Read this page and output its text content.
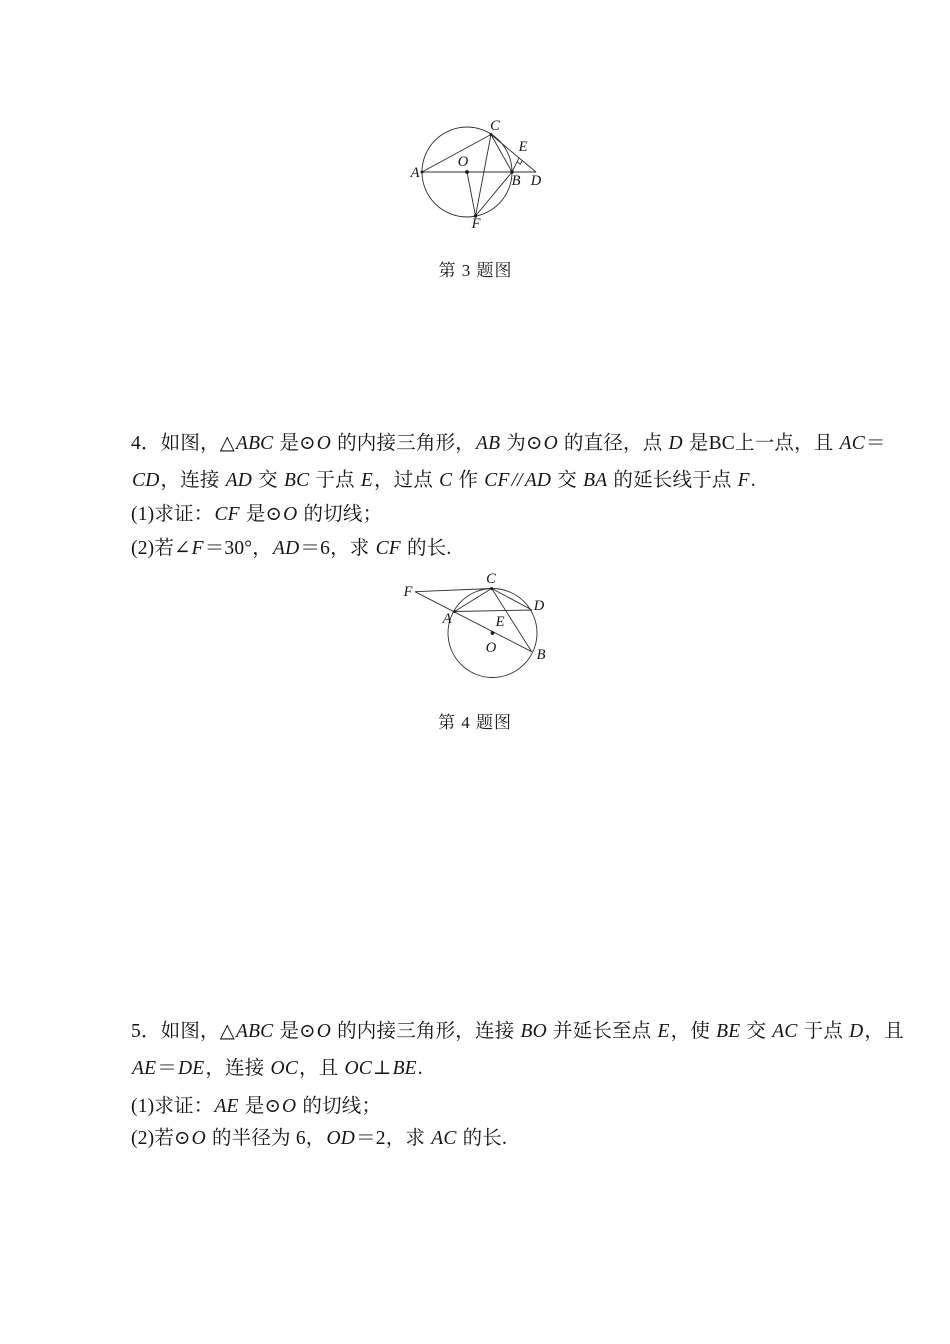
A
O
C
E
B D
F
第 3 题图
4．如图，△ABC 是⊙O 的内接三角形，AB 为⊙O 的直径，点 D 是BC上一点，且 AC＝
CD，连接 AD 交 BC 于点 E，过点 C 作 CF // AD 交 BA 的延长线于点 F.
(1)求证：CF 是⊙O 的切线；
(2)若∠F＝30°，AD＝6，求 CF 的长.
F
C
A
D
E
O	B
第 4 题图
5．如图，△ABC 是⊙O 的内接三角形，连接 BO 并延长至点 E，使 BE 交 AC 于点 D，且
AE＝DE，连接 OC，且 OC⊥BE.
(1)求证：AE 是⊙O 的切线；
(2)若⊙O 的半径为 6，OD＝2，求 AC 的长.
